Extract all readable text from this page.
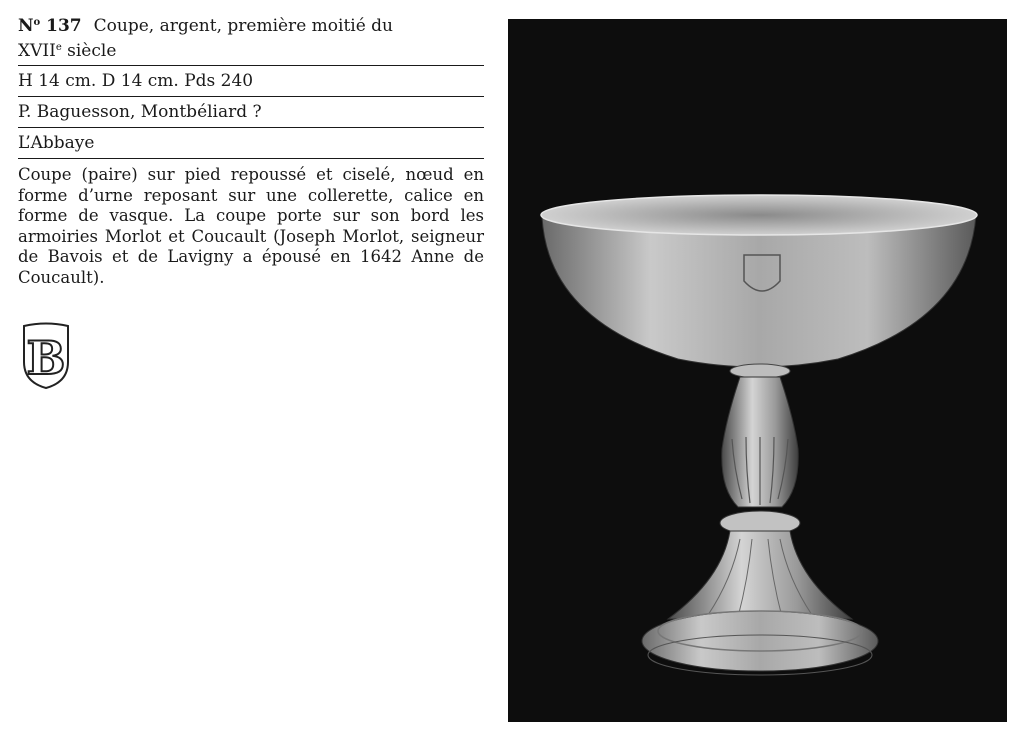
$N^o$ 137 Coupe, argent, première moitié du
XVIIe siècle
H 14 cm. D 14 cm. Pds 240
P. Baguesson, Montbéliard ?
L’Abbaye
Coupe (paire) sur pied repoussé et ciselé, nœud en forme d’urne reposant sur une collerette, calice en forme de vasque. La coupe porte sur son bord les armoiries Morlot et Coucault (Joseph Morlot, seigneur de Bavois et de Lavigny a épousé en 1642 Anne de Coucault).
B
